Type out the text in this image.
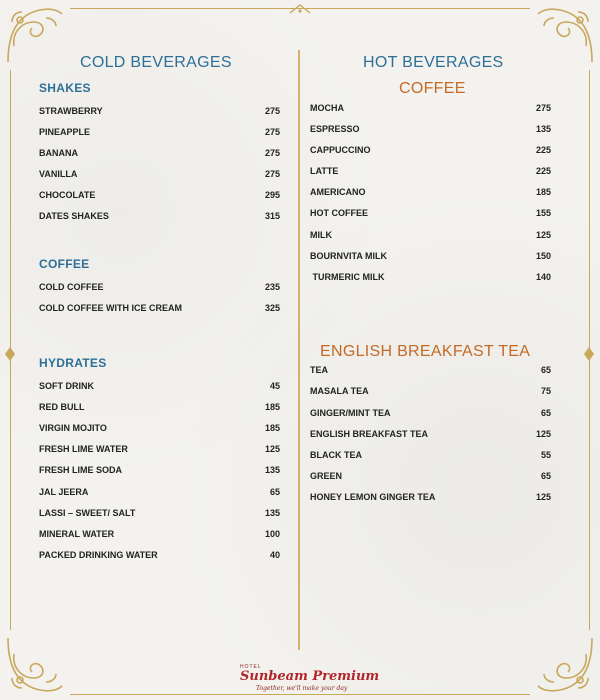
COLD BEVERAGES
SHAKES
COFFEE
HYDRATES
STRAWBERRY	275
PINEAPPLE	275
BANANA	275
VANILLA	275
CHOCOLATE	295
DATES SHAKES	315
COLD COFFEE	235
COLD COFFEE WITH ICE CREAM	325
SOFT DRINK	45
RED BULL	185
VIRGIN MOJITO	185
FRESH LIME WATER	125
FRESH LIME SODA	135
JAL JEERA	65
LASSI – SWEET/ SALT	135
MINERAL WATER	100
PACKED DRINKING WATER	40
HOT BEVERAGES
COFFEE
ENGLISH BREAKFAST TEA
MOCHA	275
ESPRESSO	135
CAPPUCCINO	225
LATTE	225
AMERICANO	185
HOT COFFEE	155
MILK	125
BOURNVITA MILK	150
TURMERIC MILK	140
TEA	65
MASALA TEA	75
GINGER/MINT TEA	65
ENGLISH BREAKFAST TEA	125
BLACK TEA	55
GREEN	65
HONEY LEMON GINGER TEA	125
HOTEL
Sunbeam Premium
Together, we'll make your day
